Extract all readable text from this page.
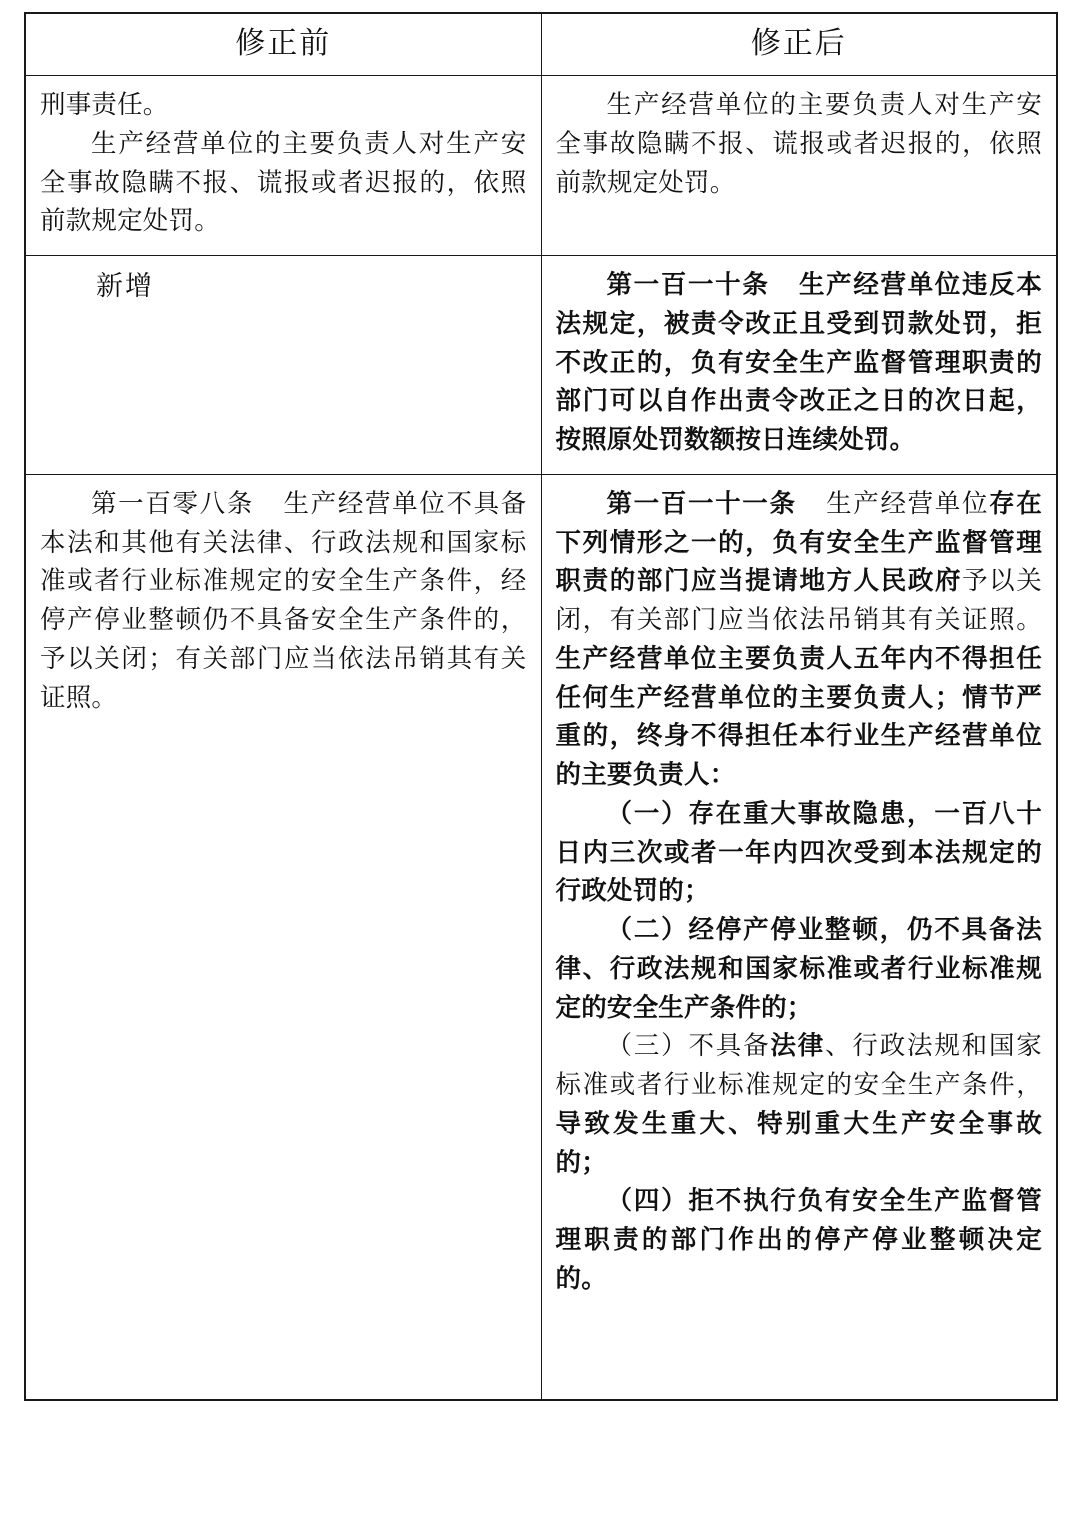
修正前	修正后

刑事责任。

生产经营单位的主要负责人对生产安全事故隐瞒不报、谎报或者迟报的，依照前款规定处罚。	生产经营单位的主要负责人对生产安全事故隐瞒不报、谎报或者迟报的，依照前款规定处罚。

新增	第一百一十条 生产经营单位违反本法规定，被责令改正且受到罚款处罚，拒不改正的，负有安全生产监督管理职责的部门可以自作出责令改正之日的次日起，按照原处罚数额按日连续处罚。

第一百零八条 生产经营单位不具备本法和其他有关法律、行政法规和国家标准或者行业标准规定的安全生产条件，经停产停业整顿仍不具备安全生产条件的，予以关闭；有关部门应当依法吊销其有关证照。	第一百一十一条 生产经营单位存在下列情形之一的，负有安全生产监督管理职责的部门应当提请地方人民政府予以关闭，有关部门应当依法吊销其有关证照。生产经营单位主要负责人五年内不得担任任何生产经营单位的主要负责人；情节严重的，终身不得担任本行业生产经营单位的主要负责人：

（一）存在重大事故隐患，一百八十日内三次或者一年内四次受到本法规定的行政处罚的；

（二）经停产停业整顿，仍不具备法律、行政法规和国家标准或者行业标准规定的安全生产条件的；

（三）不具备法律、行政法规和国家标准或者行业标准规定的安全生产条件，导致发生重大、特别重大生产安全事故的；

（四）拒不执行负有安全生产监督管理职责的部门作出的停产停业整顿决定的。
